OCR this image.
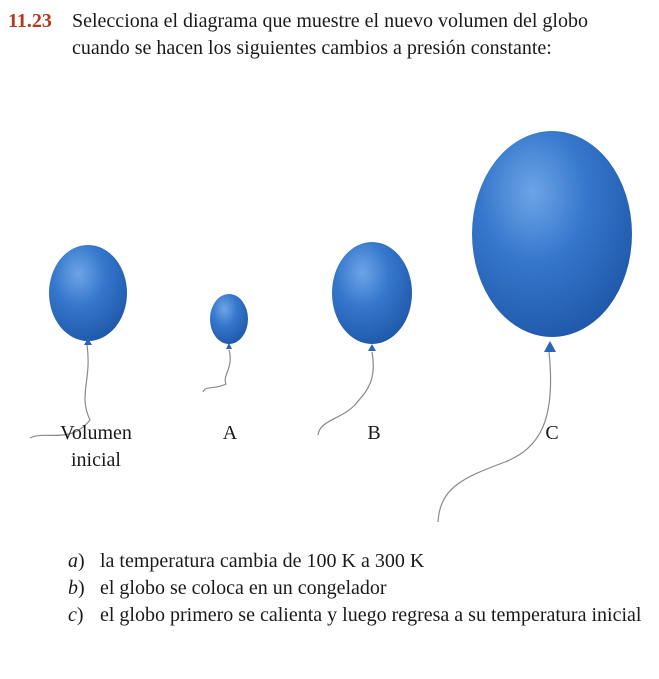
11.23 Selecciona el diagrama que muestre el nuevo volumen del globo cuando se hacen los siguientes cambios a presión constante:
Volumen
inicial
A	B	C
a) la temperatura cambia de 100 K a 300 K
b) el globo se coloca en un congelador
c) el globo primero se calienta y luego regresa a su temperatura inicial
